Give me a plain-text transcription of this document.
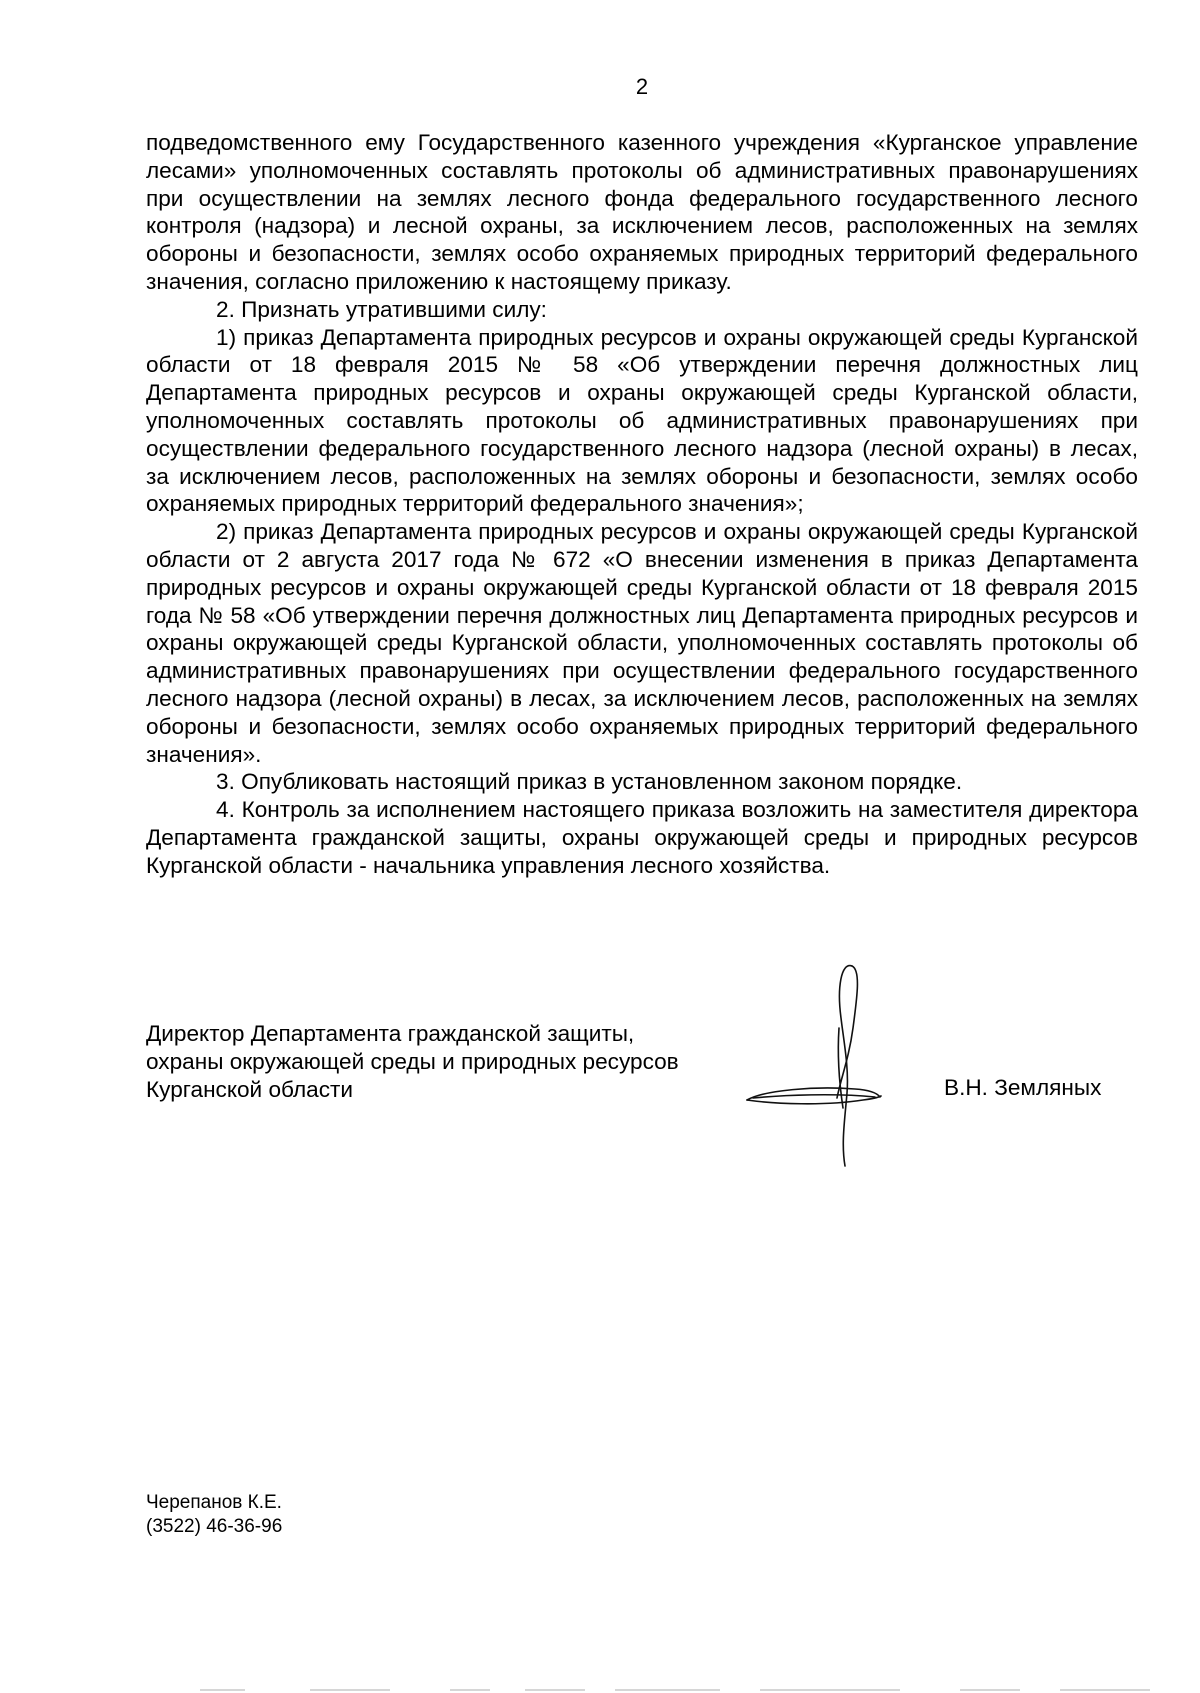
2

подведомственного ему Государственного казенного учреждения «Курганское управление лесами» уполномоченных составлять протоколы об административных правонарушениях при осуществлении на землях лесного фонда федерального государственного лесного контроля (надзора) и лесной охраны, за исключением лесов, расположенных на землях обороны и безопасности, землях особо охраняемых природных территорий федерального значения, согласно приложению к настоящему приказу.

2. Признать утратившими силу:

1) приказ Департамента природных ресурсов и охраны окружающей среды Курганской области от 18 февраля 2015 № 58 «Об утверждении перечня должностных лиц Департамента природных ресурсов и охраны окружающей среды Курганской области, уполномоченных составлять протоколы об административных правонарушениях при осуществлении федерального государственного лесного надзора (лесной охраны) в лесах, за исключением лесов, расположенных на землях обороны и безопасности, землях особо охраняемых природных территорий федерального значения»;

2) приказ Департамента природных ресурсов и охраны окружающей среды Курганской области от 2 августа 2017 года № 672 «О внесении изменения в приказ Департамента природных ресурсов и охраны окружающей среды Курганской области от 18 февраля 2015 года № 58 «Об утверждении перечня должностных лиц Департамента природных ресурсов и охраны окружающей среды Курганской области, уполномоченных составлять протоколы об административных правонарушениях при осуществлении федерального государственного лесного надзора (лесной охраны) в лесах, за исключением лесов, расположенных на землях обороны и безопасности, землях особо охраняемых природных территорий федерального значения».

3. Опубликовать настоящий приказ в установленном законом порядке.

4. Контроль за исполнением настоящего приказа возложить на заместителя директора Департамента гражданской защиты, охраны окружающей среды и природных ресурсов Курганской области - начальника управления лесного хозяйства.

Директор Департамента гражданской защиты,
охраны окружающей среды и природных ресурсов
Курганской области	В.Н. Земляных
Черепанов К.Е.
(3522) 46-36-96
